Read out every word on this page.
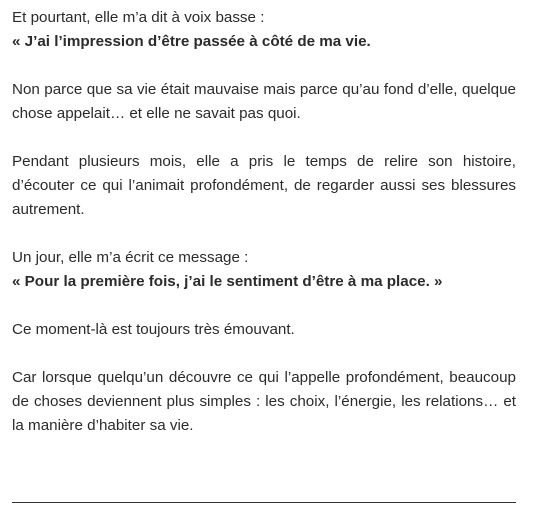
Et pourtant, elle m’a dit à voix basse :
« J’ai l’impression d’être passée à côté de ma vie.

Non parce que sa vie était mauvaise mais parce qu’au fond d’elle, quelque chose appelait… et elle ne savait pas quoi.

Pendant plusieurs mois, elle a pris le temps de relire son histoire, d’écouter ce qui l’animait profondément, de regarder aussi ses blessures autrement.

Un jour, elle m’a écrit ce message :
« Pour la première fois, j’ai le sentiment d’être à ma place. »

Ce moment-là est toujours très émouvant.

Car lorsque quelqu’un découvre ce qui l’appelle profondément, beaucoup de choses deviennent plus simples : les choix, l’énergie, les relations… et la manière d’habiter sa vie.
